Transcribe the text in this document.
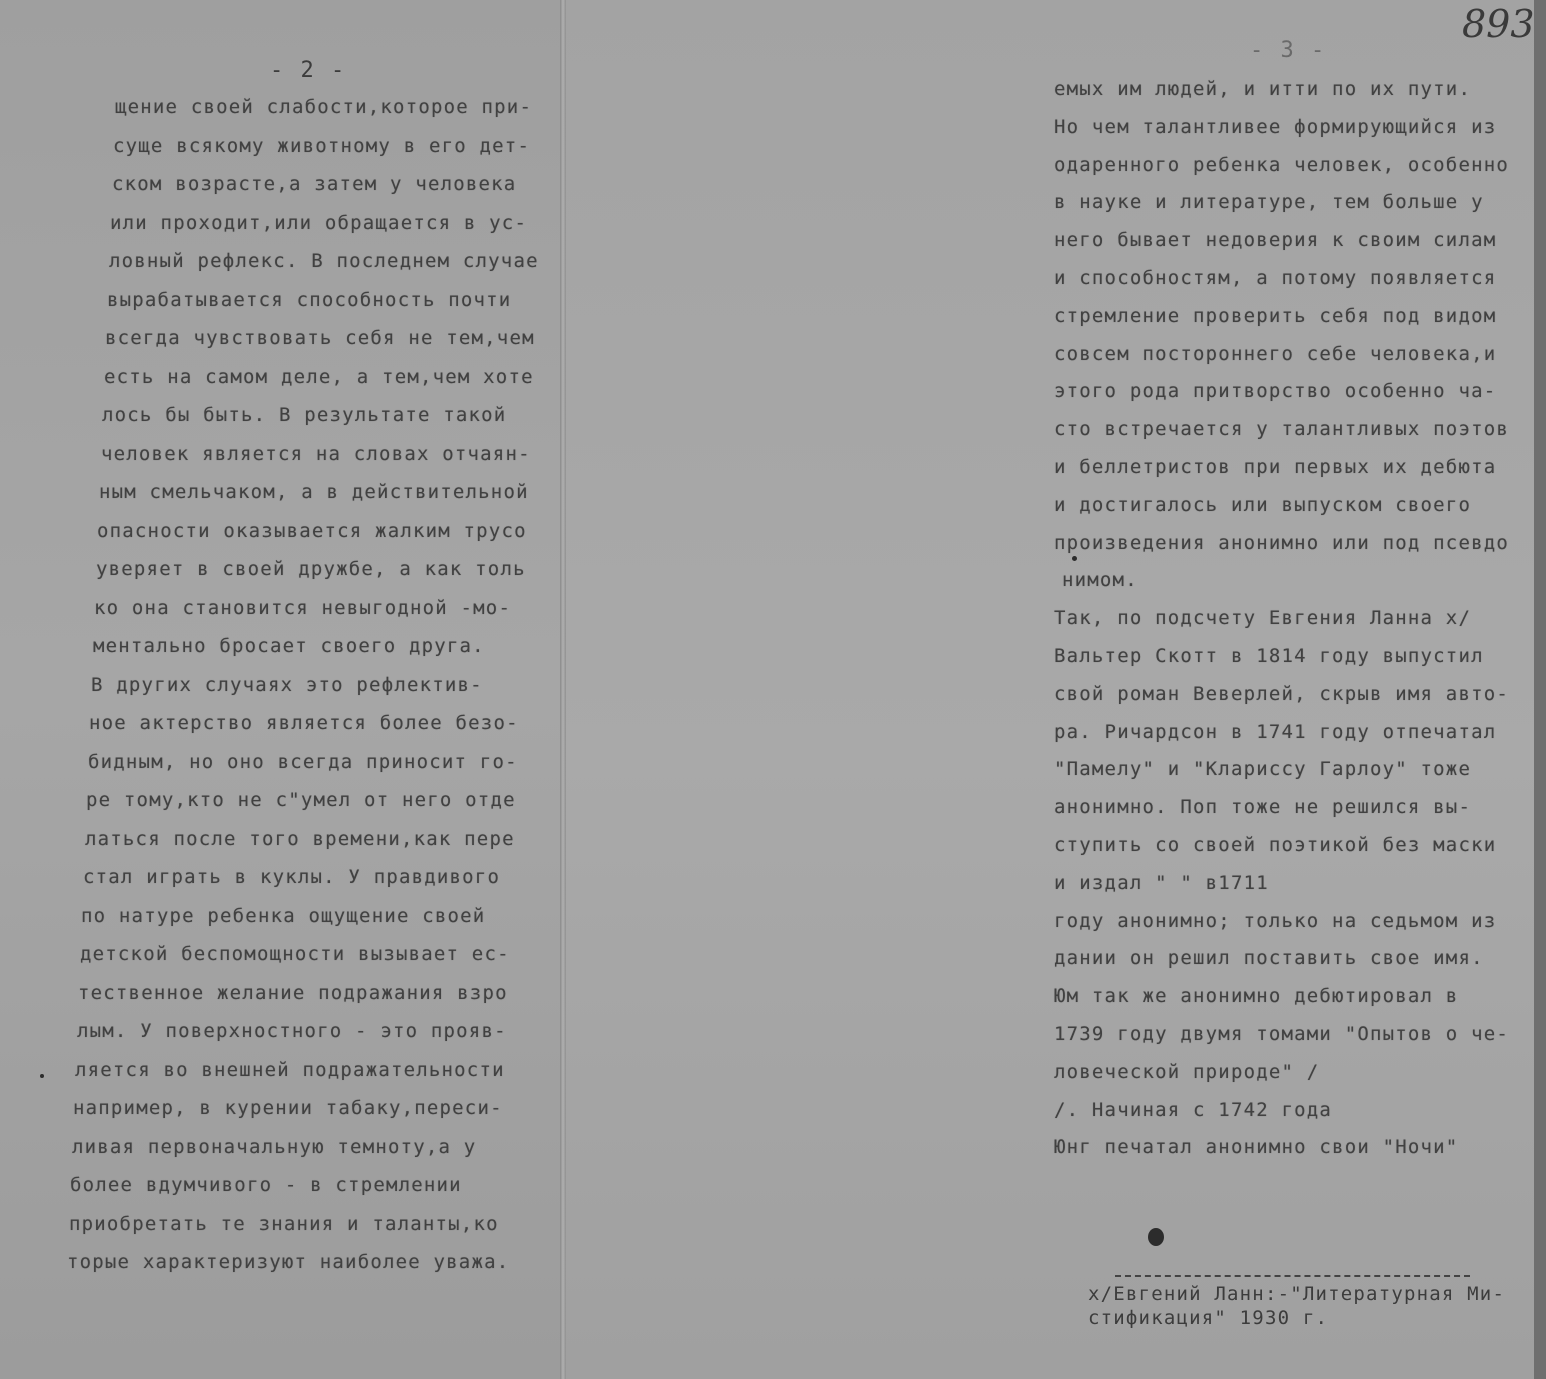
893
- 2 -
- 3 -
щение своей слабости,которое при-
суще всякому животному в его дет-
ском возрасте,а затем у человека
или проходит,или обращается в ус-
ловный рефлекс. В последнем случае
вырабатывается способность почти
всегда чувствовать себя не тем,чем
есть на самом деле, а тем,чем хоте
лось бы быть. В результате такой
человек является на словах отчаян-
ным смельчаком, а в действительной
опасности оказывается жалким трусо
уверяет в своей дружбе, а как толь
ко она становится невыгодной -мо-
ментально бросает своего друга.
В других случаях это рефлектив-
ное актерство является более безо-
бидным, но оно всегда приносит го-
ре тому,кто не с"умел от него отде
латься после того времени,как пере
стал играть в куклы. У правдивого
по натуре ребенка ощущение своей
детской беспомощности вызывает ес-
тественное желание подражания взро
лым. У поверхностного - это прояв-
ляется во внешней подражательности
например, в курении табаку,переси-
ливая первоначальную темноту,а у
более вдумчивого - в стремлении
приобретать те знания и таланты,ко
торые характеризуют наиболее уважа.
емых им людей, и итти по их пути.
Но чем талантливее формирующийся из
одаренного ребенка человек, особенно
в науке и литературе, тем больше у
него бывает недоверия к своим силам
и способностям, а потому появляется
стремление проверить себя под видом
совсем постороннего себе человека,и
этого рода притворство особенно ча-
сто встречается у талантливых поэтов
и беллетристов при первых их дебюта
и достигалось или выпуском своего
произведения анонимно или под псевдо
нимом.
Так, по подсчету Евгения Ланна x/
Вальтер Скотт в 1814 году выпустил
свой роман Веверлей, скрыв имя авто-
ра. Ричардсон в 1741 году отпечатал
"Памелу" и "Клариссу Гарлоу" тоже
анонимно. Поп тоже не решился вы-
ступить со своей поэтикой без маски
и издал " " в1711
году анонимно; только на седьмом из
дании он решил поставить свое имя.
Юм так же анонимно дебютировал в
1739 году двумя томами "Опытов о че-
ловеческой природе" /
/. Начиная с 1742 года
Юнг печатал анонимно свои "Ночи"
x/Евгений Ланн:-"Литературная Ми-
стификация" 1930 г.
